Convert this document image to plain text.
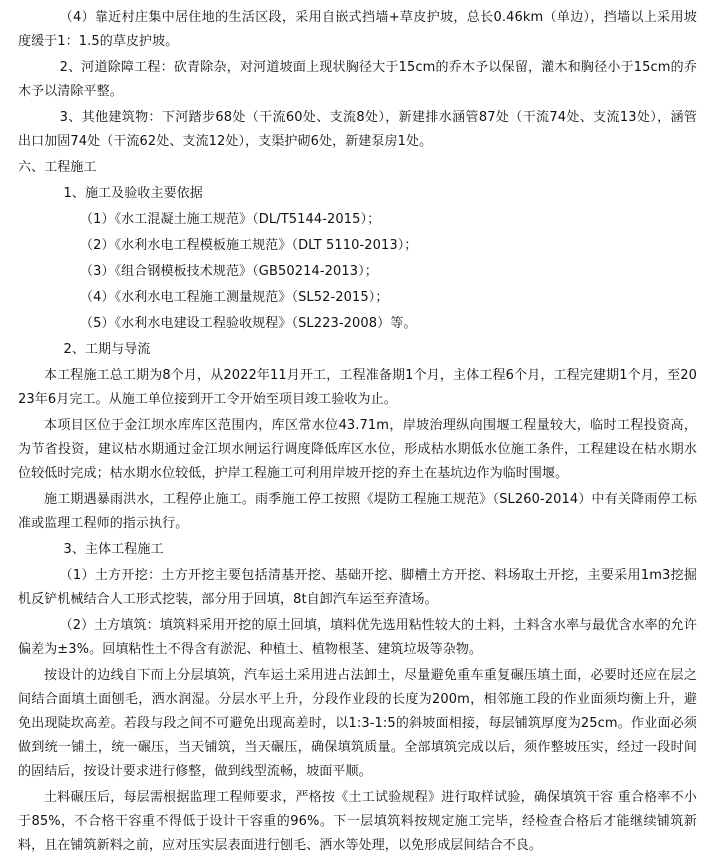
（4）靠近村庄集中居住地的生活区段，采用自嵌式挡墙+草皮护坡，总长0.46km（单边），挡墙以上采用坡度缓于1：1.5的草皮护坡。

2、河道除障工程：砍青除杂，对河道坡面上现状胸径大于15cm的乔木予以保留，灌木和胸径小于15cm的乔木予以清除平整。

3、其他建筑物：下河踏步68处（干流60处、支流8处），新建排水涵管87处（干流74处、支流13处），涵管出口加固74处（干流62处、支流12处），支渠护砌6处，新建泵房1处。

六、工程施工

1、施工及验收主要依据

（1）《水工混凝土施工规范》（DL/T5144-2015）；

（2）《水利水电工程模板施工规范》（DLT 5110-2013）；

（3）《组合钢模板技术规范》（GB50214-2013）；

（4）《水利水电工程施工测量规范》（SL52-2015）；

（5）《水利水电建设工程验收规程》（SL223-2008）等。

2、工期与导流

本工程施工总工期为8个月，从2022年11月开工，工程准备期1个月，主体工程6个月，工程完建期1个月，至2023年6月完工。从施工单位接到开工令开始至项目竣工验收为止。

本项目区位于金江坝水库库区范围内，库区常水位43.71m，岸坡治理纵向围堰工程量较大，临时工程投资高，为节省投资，建议枯水期通过金江坝水闸运行调度降低库区水位，形成枯水期低水位施工条件，工程建设在枯水期水位较低时完成；枯水期水位较低，护岸工程施工可利用岸坡开挖的弃土在基坑边作为临时围堰。

施工期遇暴雨洪水，工程停止施工。雨季施工停工按照《堤防工程施工规范》（SL260-2014）中有关降雨停工标准或监理工程师的指示执行。

3、主体工程施工

（1）土方开挖：土方开挖主要包括清基开挖、基础开挖、脚槽土方开挖、料场取土开挖，主要采用1m3挖掘机反铲机械结合人工形式挖装，部分用于回填，8t自卸汽车运至弃渣场。

（2）土方填筑：填筑料采用开挖的原土回填，填料优先选用粘性较大的土料，土料含水率与最优含水率的允许偏差为±3%。回填粘性土不得含有淤泥、种植土、植物根茎、建筑垃圾等杂物。

按设计的边线自下而上分层填筑，汽车运土采用进占法卸土，尽量避免重车重复碾压填土面，必要时还应在层之间结合面填土面刨毛，洒水润湿。分层水平上升，分段作业段的长度为200m，相邻施工段的作业面须均衡上升，避免出现陡坎高差。若段与段之间不可避免出现高差时，以1:3-1:5的斜坡面相接，每层铺筑厚度为25cm。作业面必须做到统一铺土，统一碾压，当天铺筑，当天碾压，确保填筑质量。全部填筑完成以后，须作整坡压实，经过一段时间的固结后，按设计要求进行修整，做到线型流畅，坡面平顺。

土料碾压后，每层需根据监理工程师要求，严格按《土工试验规程》进行取样试验，确保填筑干容 重合格率不小于85%，不合格干容重不得低于设计干容重的96%。下一层填筑料按规定施工完毕，经检查合格后才能继续铺筑新料，且在铺筑新料之前，应对压实层表面进行刨毛、洒水等处理，以免形成层间结合不良。
